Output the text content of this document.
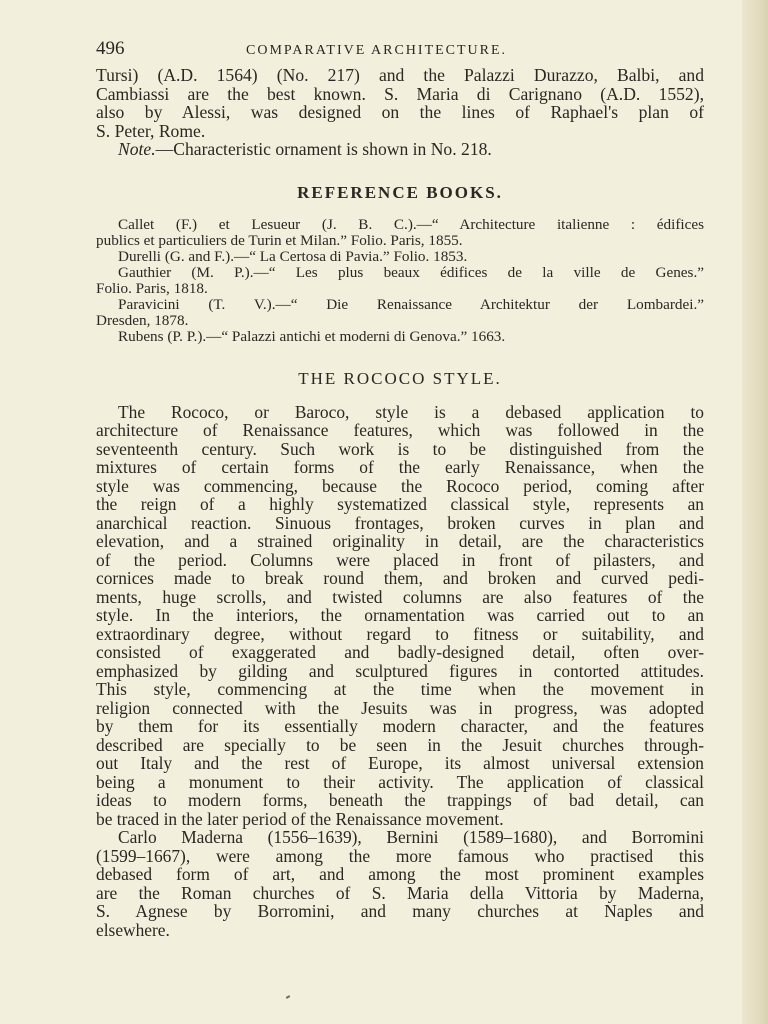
496	COMPARATIVE ARCHITECTURE.
Tursi) (A.D. 1564) (No. 217) and the Palazzi Durazzo, Balbi, and
Cambiassi are the best known. S. Maria di Carignano (A.D. 1552),
also by Alessi, was designed on the lines of Raphael's plan of
S. Peter, Rome.
Note.—Characteristic ornament is shown in No. 218.
REFERENCE BOOKS.
Callet (F.) et Lesueur (J. B. C.).—“ Architecture italienne : édifices
publics et particuliers de Turin et Milan.” Folio. Paris, 1855.
Durelli (G. and F.).—“ La Certosa di Pavia.” Folio. 1853.
Gauthier (M. P.).—“ Les plus beaux édifices de la ville de Genes.”
Folio. Paris, 1818.
Paravicini (T. V.).—“ Die Renaissance Architektur der Lombardei.”
Dresden, 1878.
Rubens (P. P.).—“ Palazzi antichi et moderni di Genova.” 1663.
THE ROCOCO STYLE.
The Rococo, or Baroco, style is a debased application to
architecture of Renaissance features, which was followed in the
seventeenth century. Such work is to be distinguished from the
mixtures of certain forms of the early Renaissance, when the
style was commencing, because the Rococo period, coming after
the reign of a highly systematized classical style, represents an
anarchical reaction. Sinuous frontages, broken curves in plan and
elevation, and a strained originality in detail, are the characteristics
of the period. Columns were placed in front of pilasters, and
cornices made to break round them, and broken and curved pedi-
ments, huge scrolls, and twisted columns are also features of the
style. In the interiors, the ornamentation was carried out to an
extraordinary degree, without regard to fitness or suitability, and
consisted of exaggerated and badly-designed detail, often over-
emphasized by gilding and sculptured figures in contorted attitudes.
This style, commencing at the time when the movement in
religion connected with the Jesuits was in progress, was adopted
by them for its essentially modern character, and the features
described are specially to be seen in the Jesuit churches through-
out Italy and the rest of Europe, its almost universal extension
being a monument to their activity. The application of classical
ideas to modern forms, beneath the trappings of bad detail, can
be traced in the later period of the Renaissance movement.
Carlo Maderna (1556–1639), Bernini (1589–1680), and Borromini
(1599–1667), were among the more famous who practised this
debased form of art, and among the most prominent examples
are the Roman churches of S. Maria della Vittoria by Maderna,
S. Agnese by Borromini, and many churches at Naples and
elsewhere.
